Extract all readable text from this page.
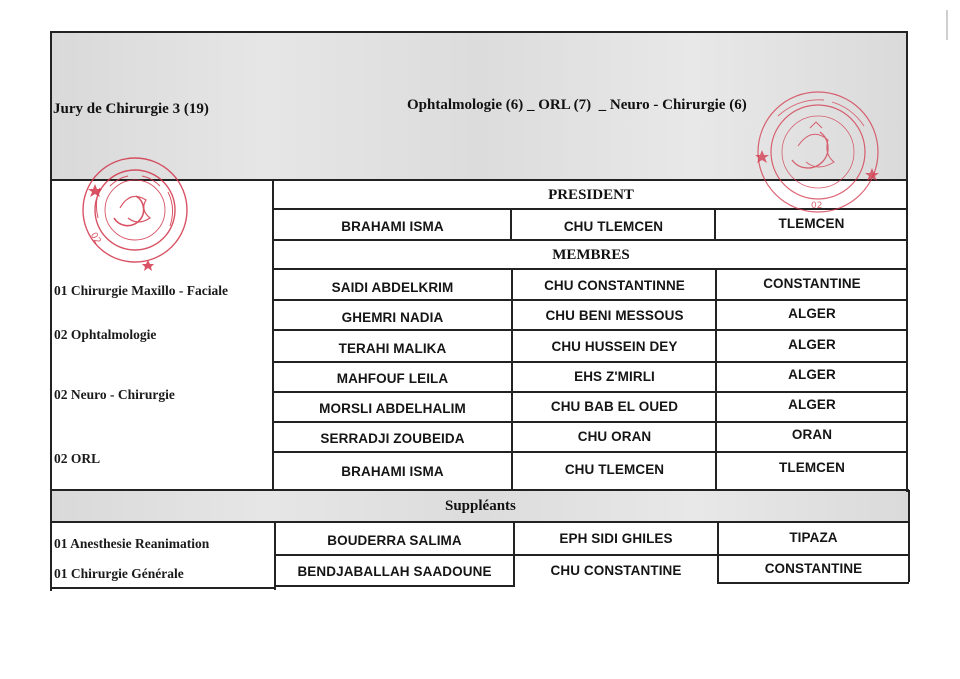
Jury de Chirurgie 3 (19)	Ophtalmologie (6) _ ORL (7)  _ Neuro - Chirurgie (6)
Suppléants
PRESIDENT
BRAHAMI ISMA	CHU TLEMCEN	TLEMCEN
MEMBRES
SAIDI ABDELKRIM	CHU CONSTANTINNE	CONSTANTINE
GHEMRI NADIA	CHU BENI MESSOUS	ALGER
TERAHI MALIKA	CHU HUSSEIN DEY	ALGER
MAHFOUF LEILA	EHS Z'MIRLI	ALGER
MORSLI ABDELHALIM	CHU BAB EL OUED	ALGER
SERRADJI ZOUBEIDA	CHU ORAN	ORAN
BRAHAMI ISMA	CHU TLEMCEN	TLEMCEN
01 Chirurgie Maxillo - Faciale
02 Ophtalmologie
02 Neuro - Chirurgie
02 ORL
01 Anesthesie Reanimation	BOUDERRA SALIMA	EPH SIDI GHILES	TIPAZA
01 Chirurgie Générale	BENDJABALLAH SAADOUNE	CHU CONSTANTINE	CONSTANTINE
02
02
